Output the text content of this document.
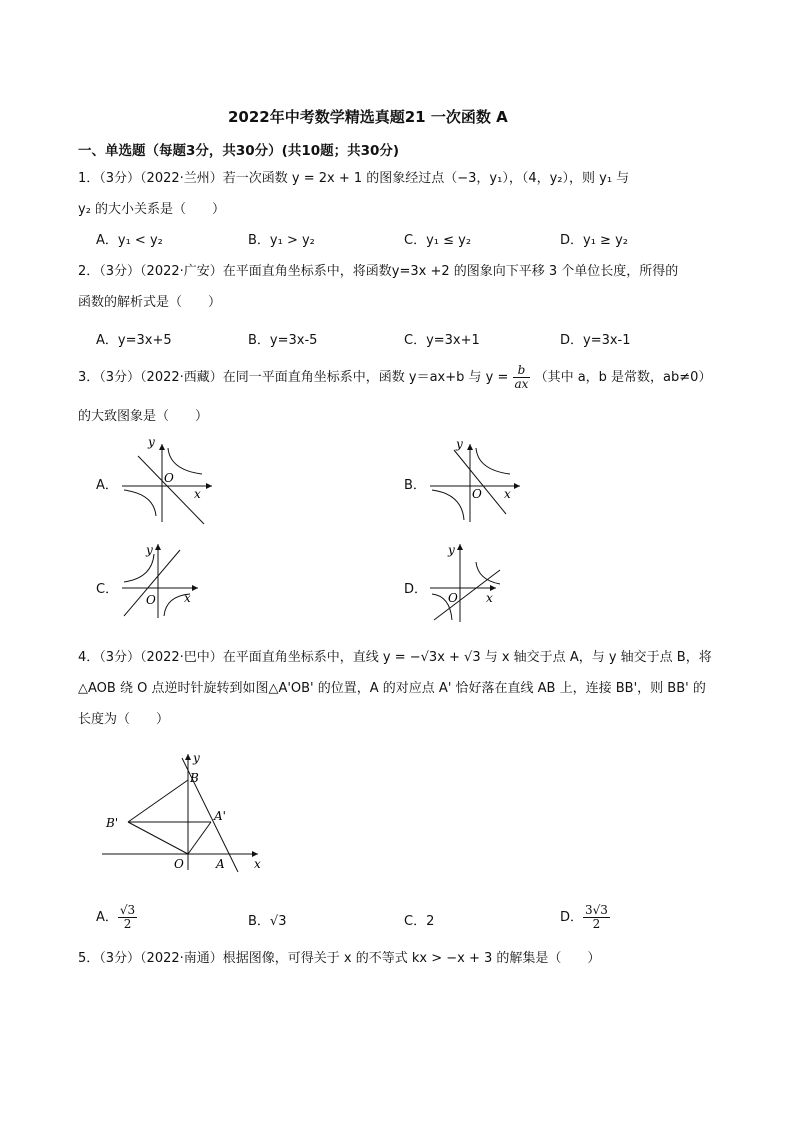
2022年中考数学精选真题21 一次函数 A
一、单选题（每题3分，共30分）(共10题；共30分)
1．（3分）（2022·兰州）若一次函数 y = 2x + 1 的图象经过点（−3，y₁），（4，y₂），则 y₁ 与
y₂ 的大小关系是（　　）
A．y₁ < y₂	B．y₁ > y₂	C．y₁ ≤ y₂	D．y₁ ≥ y₂
2．（3分）（2022·广安）在平面直角坐标系中，将函数y=3x +2 的图象向下平移 3 个单位长度，所得的
函数的解析式是（　　）
A．y=3x+5	B．y=3x-5	C．y=3x+1	D．y=3x-1
3．（3分）（2022·西藏）在同一平面直角坐标系中，函数 y＝ax+b 与 $y = \frac{b}{ax}$ （其中 a，b 是常数，ab≠0）
的大致图象是（　　）
A．
y
O
x
B．
y
O x
C．
y
O x
D．
y
O x
4．（3分）（2022·巴中）在平面直角坐标系中，直线 y = −√3x + √3 与 x 轴交于点 A，与 y 轴交于点 B，将
△AOB 绕 O 点逆时针旋转到如图△A'OB' 的位置，A 的对应点 A' 恰好落在直线 AB 上，连接 BB'，则 BB' 的
长度为（　　）
y
B
B'	A'
O	A x
A． $\frac{√3}{2}$	B．√3	C．2	D． $\frac{3√3}{2}$
5．（3分）（2022·南通）根据图像，可得关于 x 的不等式 kx > −x + 3 的解集是（　　）
